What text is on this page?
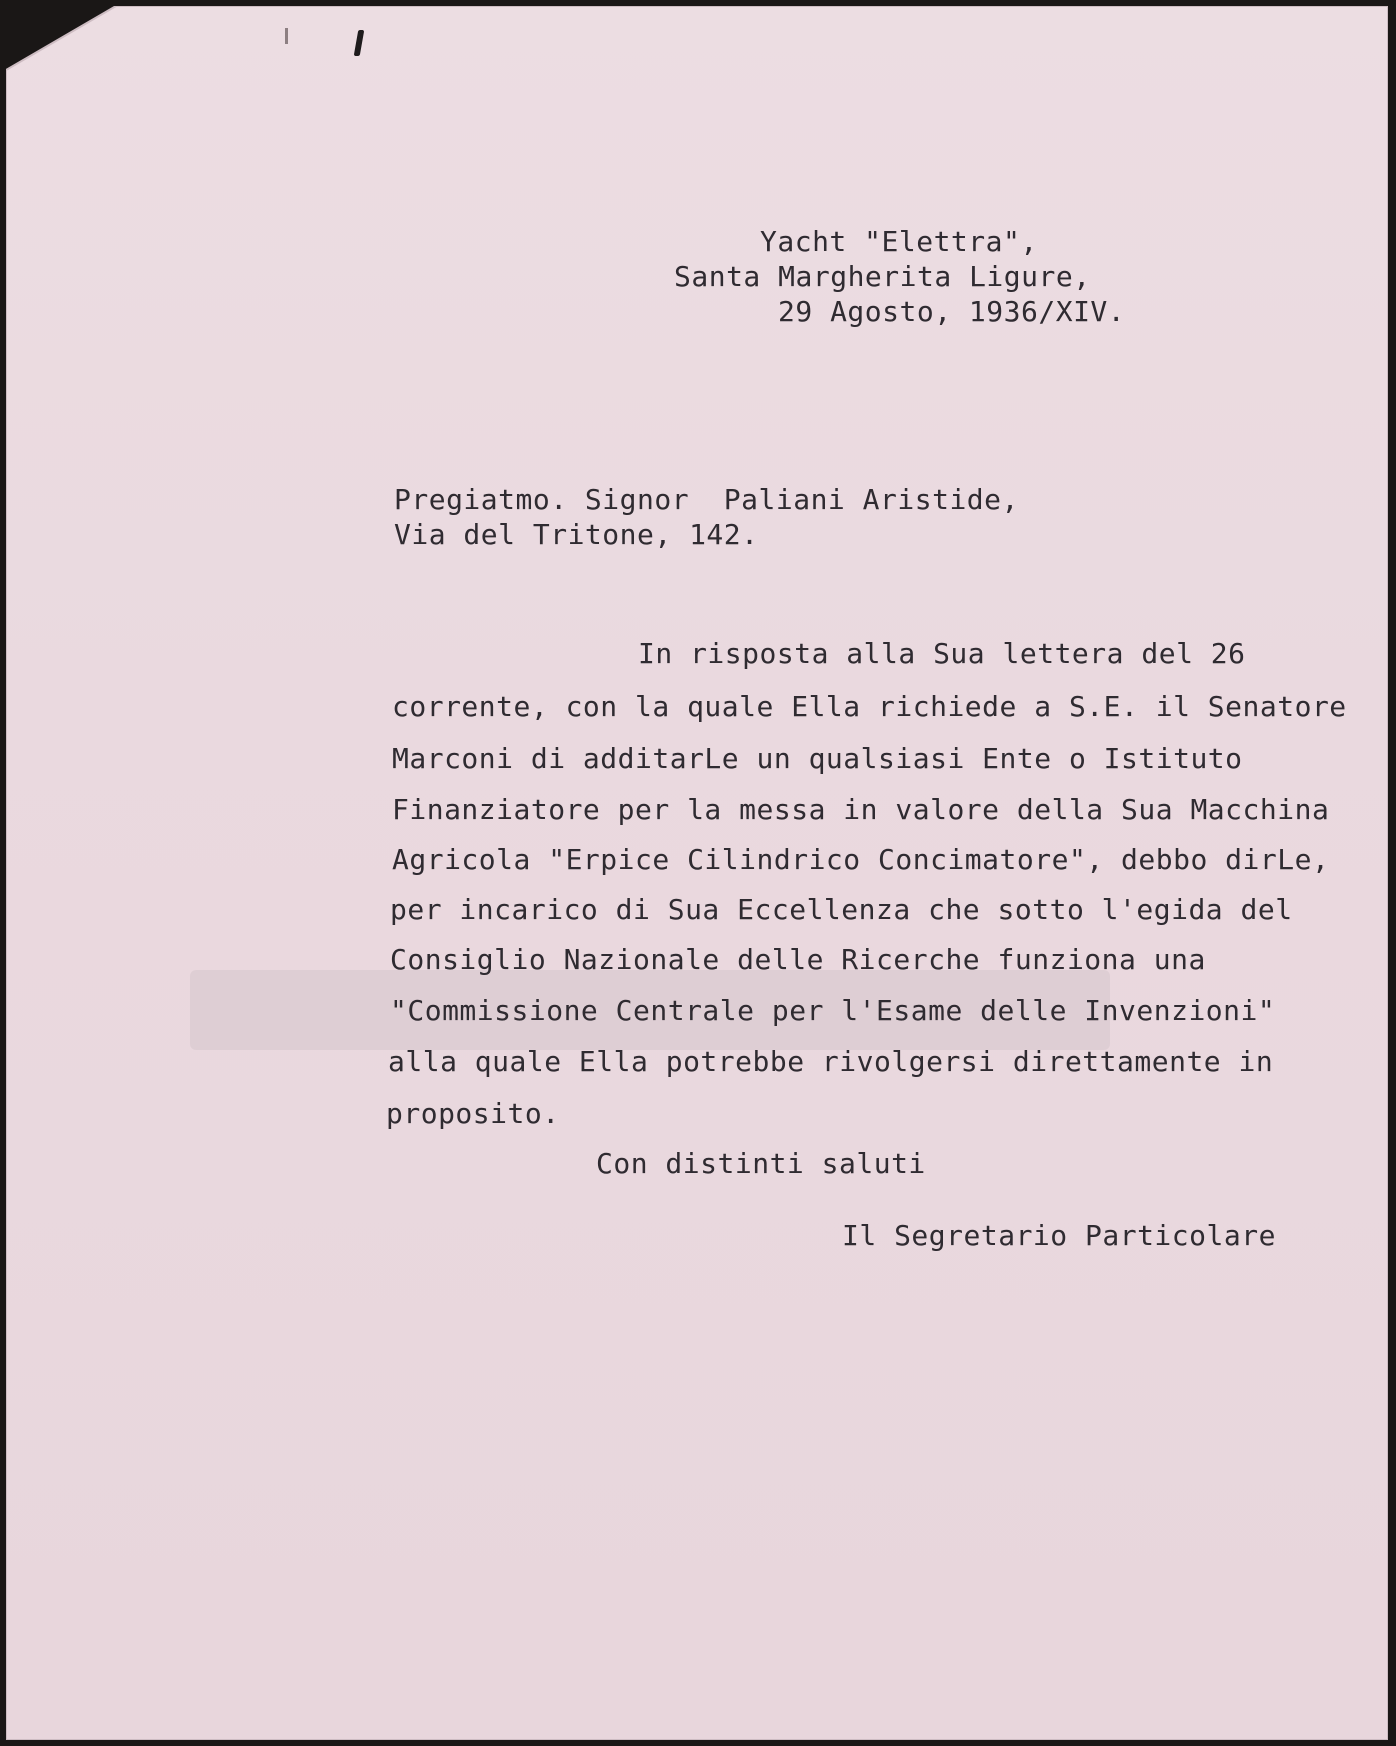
Yacht "Elettra",
Santa Margherita Ligure,
29 Agosto, 1936/XIV.
Pregiatmo. Signor  Paliani Aristide,
Via del Tritone, 142.
In risposta alla Sua lettera del 26
corrente, con la quale Ella richiede a S.E. il Senatore
Marconi di additarLe un qualsiasi Ente o Istituto
Finanziatore per la messa in valore della Sua Macchina
Agricola "Erpice Cilindrico Concimatore", debbo dirLe,
per incarico di Sua Eccellenza che sotto l'egida del
Consiglio Nazionale delle Ricerche funziona una
"Commissione Centrale per l'Esame delle Invenzioni"
alla quale Ella potrebbe rivolgersi direttamente in
proposito.
Con distinti saluti
Il Segretario Particolare
